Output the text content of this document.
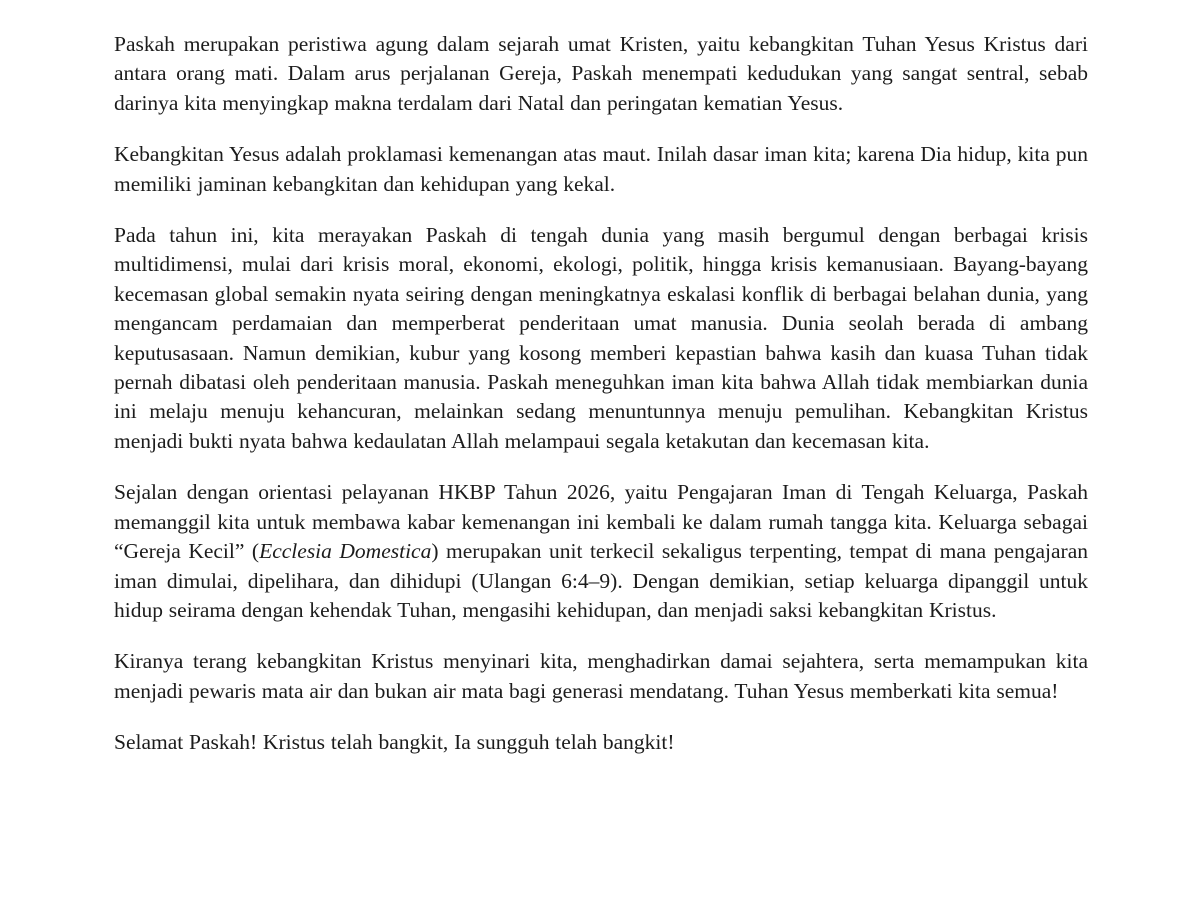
Paskah merupakan peristiwa agung dalam sejarah umat Kristen, yaitu kebangkitan Tuhan Yesus Kristus dari antara orang mati. Dalam arus perjalanan Gereja, Paskah menempati kedudukan yang sangat sentral, sebab darinya kita menyingkap makna terdalam dari Natal dan peringatan kematian Yesus.

Kebangkitan Yesus adalah proklamasi kemenangan atas maut. Inilah dasar iman kita; karena Dia hidup, kita pun memiliki jaminan kebangkitan dan kehidupan yang kekal.

Pada tahun ini, kita merayakan Paskah di tengah dunia yang masih bergumul dengan berbagai krisis multidimensi, mulai dari krisis moral, ekonomi, ekologi, politik, hingga krisis kemanusiaan. Bayang-bayang kecemasan global semakin nyata seiring dengan meningkatnya eskalasi konflik di berbagai belahan dunia, yang mengancam perdamaian dan memperberat penderitaan umat manusia. Dunia seolah berada di ambang keputusasaan. Namun demikian, kubur yang kosong memberi kepastian bahwa kasih dan kuasa Tuhan tidak pernah dibatasi oleh penderitaan manusia. Paskah meneguhkan iman kita bahwa Allah tidak membiarkan dunia ini melaju menuju kehancuran, melainkan sedang menuntunnya menuju pemulihan. Kebangkitan Kristus menjadi bukti nyata bahwa kedaulatan Allah melampaui segala ketakutan dan kecemasan kita.

Sejalan dengan orientasi pelayanan HKBP Tahun 2026, yaitu Pengajaran Iman di Tengah Keluarga, Paskah memanggil kita untuk membawa kabar kemenangan ini kembali ke dalam rumah tangga kita. Keluarga sebagai “Gereja Kecil” (Ecclesia Domestica) merupakan unit terkecil sekaligus terpenting, tempat di mana pengajaran iman dimulai, dipelihara, dan dihidupi (Ulangan 6:4–9). Dengan demikian, setiap keluarga dipanggil untuk hidup seirama dengan kehendak Tuhan, mengasihi kehidupan, dan menjadi saksi kebangkitan Kristus.

Kiranya terang kebangkitan Kristus menyinari kita, menghadirkan damai sejahtera, serta memampukan kita menjadi pewaris mata air dan bukan air mata bagi generasi mendatang. Tuhan Yesus memberkati kita semua!

Selamat Paskah! Kristus telah bangkit, Ia sungguh telah bangkit!
